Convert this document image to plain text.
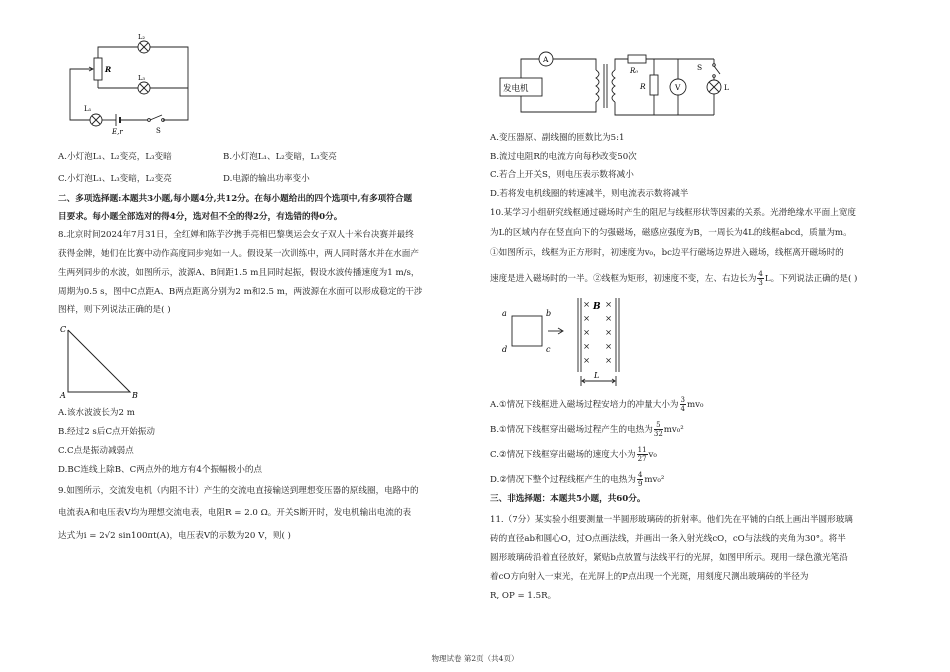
L₂
L₃
R
L₁
E,r	S
A.小灯泡L₁、L₂变亮，L₃变暗	B.小灯泡L₁、L₂变暗，L₃变亮
C.小灯泡L₁、L₃变暗，L₂变亮	D.电源的输出功率变小
二、多项选择题:本题共3小题,每小题4分,共12分。在每小题给出的四个选项中,有多项符合题
目要求。每小题全部选对的得4分，选对但不全的得2分，有选错的得0分。
8.北京时间2024年7月31日，全红婵和陈芋汐携手亮相巴黎奥运会女子双人十米台决赛并最终
获得金牌，她们在比赛中动作高度同步宛如一人。假设某一次训练中，两人同时落水并在水面产
生两列同步的水波，如图所示，波源A、B间距1.5 m且同时起振，假设水波传播速度为1 m/s，
周期为0.5 s，图中C点距A、B两点距离分别为2 m和2.5 m，两波源在水面可以形成稳定的干涉
图样，则下列说法正确的是( )
C
A	B
A.该水波波长为2 m
B.经过2 s后C点开始振动
C.C点是振动减弱点
D.BC连线上除B、C两点外的地方有4个振幅极小的点
9.如图所示，交流发电机（内阻不计）产生的交流电直接输送到理想变压器的原线圈，电路中的
电流表A和电压表V均为理想交流电表，电阻R = 2.0 Ω。开关S断开时，发电机输出电流的表
达式为i = 2√2 sin100πt(A)，电压表V的示数为20 V，则( )
A
发电机
R₀
R	V
S
L
A.变压器原、副线圈的匝数比为5:1
B.流过电阻R的电流方向每秒改变50次
C.若合上开关S，则电压表示数将减小
D.若将发电机线圈的转速减半，则电流表示数将减半
10.某学习小组研究线框通过磁场时产生的阻尼与线框形状等因素的关系。光滑绝缘水平面上宽度
为L的区域内存在竖直向下的匀强磁场，磁感应强度为B，一周长为4L的线框abcd，质量为m。
①如图所示，线框为正方形时，初速度为v₀，bc边平行磁场边界进入磁场，线框离开磁场时的
速度是进入磁场时的一半。②线框为矩形，初速度不变，左、右边长为 $\frac{4}{3}$ L。下列说法正确的是( )
a	b
c
d
× ×
× ×
× ×
× ×
× ×
B
L
A.①情况下线框进入磁场过程安培力的冲量大小为 $\frac{3}{4} mv_0$
B.①情况下线框穿出磁场过程产生的电热为 $\frac{5}{32} mv_0^2$
C.②情况下线框穿出磁场的速度大小为 $\frac{11}{27} v_0$
D.②情况下整个过程线框产生的电热为 $\frac{4}{9} mv_0^2$
三、非选择题：本题共5小题，共60分。
11.（7分）某实验小组要测量一半圆形玻璃砖的折射率。他们先在平铺的白纸上画出半圆形玻璃
砖的直径ab和圆心O，过O点画法线，并画出一条入射光线cO，cO与法线的夹角为30°。将半
圆形玻璃砖沿着直径放好，紧贴b点放置与法线平行的光屏，如图甲所示。现用一绿色激光笔沿
着cO方向射入一束光，在光屏上的P点出现一个光斑，用刻度尺测出玻璃砖的半径为
R, OP = 1.5R。
物理试卷 第2页（共4页）
